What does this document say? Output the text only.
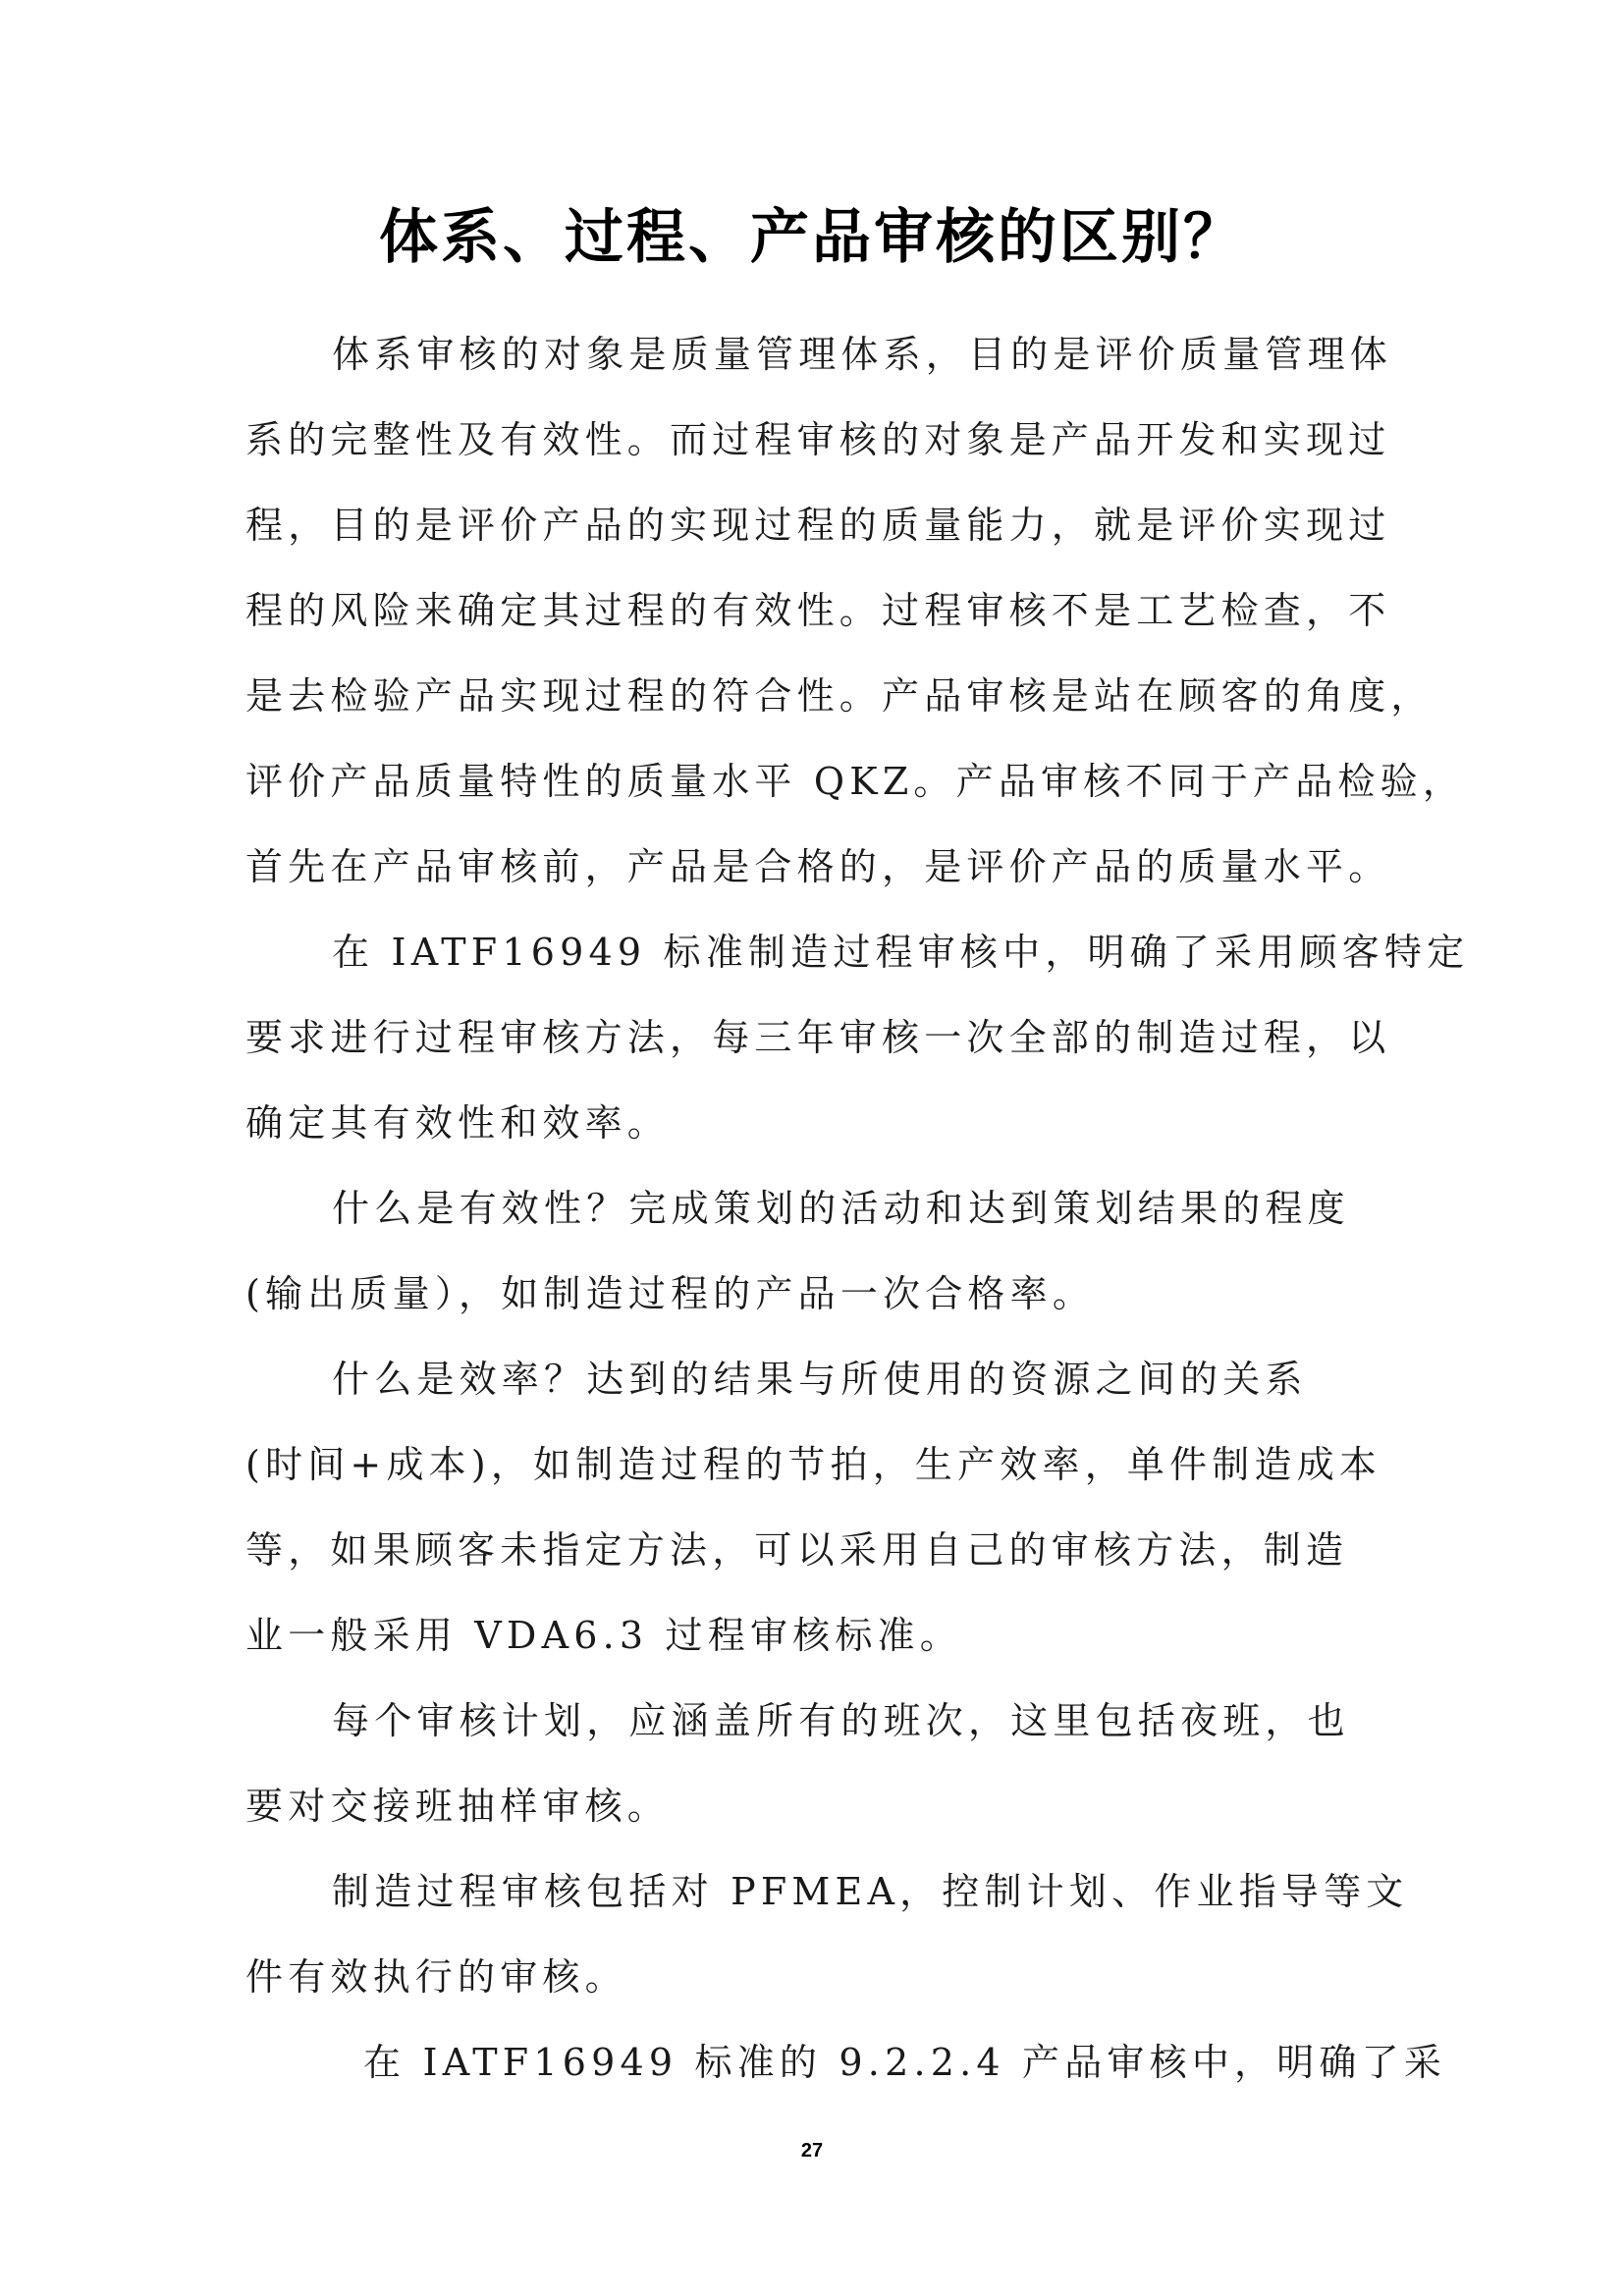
体系、过程、产品审核的区别？
体系审核的对象是质量管理体系，目的是评价质量管理体
系的完整性及有效性。而过程审核的对象是产品开发和实现过
程，目的是评价产品的实现过程的质量能力，就是评价实现过
程的风险来确定其过程的有效性。过程审核不是工艺检查，不
是去检验产品实现过程的符合性。产品审核是站在顾客的角度，
评价产品质量特性的质量水平 QKZ。产品审核不同于产品检验，
首先在产品审核前，产品是合格的，是评价产品的质量水平。
在 IATF16949 标准制造过程审核中，明确了采用顾客特定
要求进行过程审核方法，每三年审核一次全部的制造过程，以
确定其有效性和效率。
什么是有效性？完成策划的活动和达到策划结果的程度
(输出质量），如制造过程的产品一次合格率。
什么是效率？达到的结果与所使用的资源之间的关系
(时间+成本)，如制造过程的节拍，生产效率，单件制造成本
等，如果顾客未指定方法，可以采用自己的审核方法，制造
业一般采用 VDA6.3 过程审核标准。
每个审核计划，应涵盖所有的班次，这里包括夜班，也
要对交接班抽样审核。
制造过程审核包括对 PFMEA，控制计划、作业指导等文
件有效执行的审核。
在 IATF16949 标准的 9.2.2.4 产品审核中，明确了采
27
